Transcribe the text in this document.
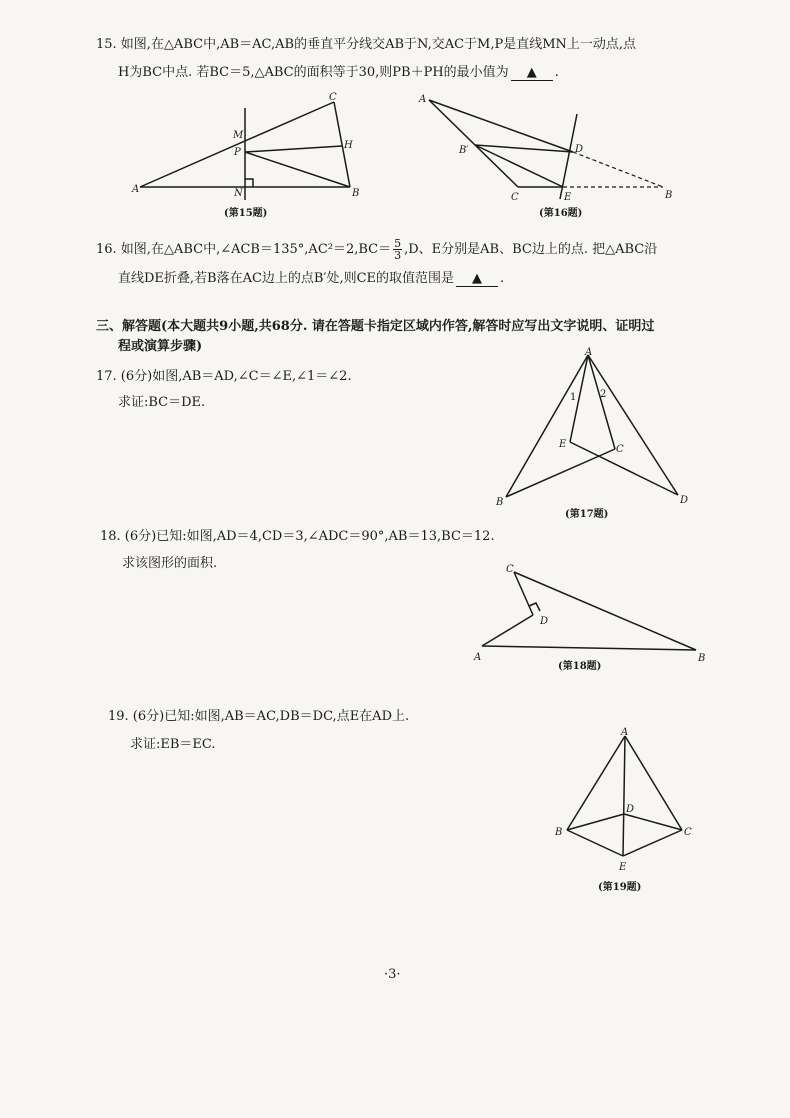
15. 如图,在△ABC中,AB＝AC,AB的垂直平分线交AB于N,交AC于M,P是直线MN上一动点,点
H为BC中点. 若BC＝5,△ABC的面积等于30,则PB＋PH的最小值为 ▲ .
A	B
C
M
P
H
N
(第15题)
A
B′	D
C	E	B
(第16题)
16. 如图,在△ABC中,∠ACB＝135°,AC²＝2,BC＝ $\frac{5}{3} ,D$、E分别是AB、BC边上的点. 把△ABC沿
直线DE折叠,若B落在AC边上的点B′处,则CE的取值范围是 ▲ .
三、解答题(本大题共9小题,共68分. 请在答题卡指定区域内作答,解答时应写出文字说明、证明过
程或演算步骤)
17. (6分)如图,AB＝AD,∠C＝∠E,∠1＝∠2.
求证:BC＝DE.
A
B
C
D
E
1 2
(第17题)
18. (6分)已知:如图,AD＝4,CD＝3,∠ADC＝90°,AB＝13,BC＝12.
求该图形的面积.	C
D
A	B
(第18题)
19. (6分)已知:如图,AB＝AC,DB＝DC,点E在AD上.
求证:EB＝EC.
A
B	C
D
E
(第19题)
·3·
